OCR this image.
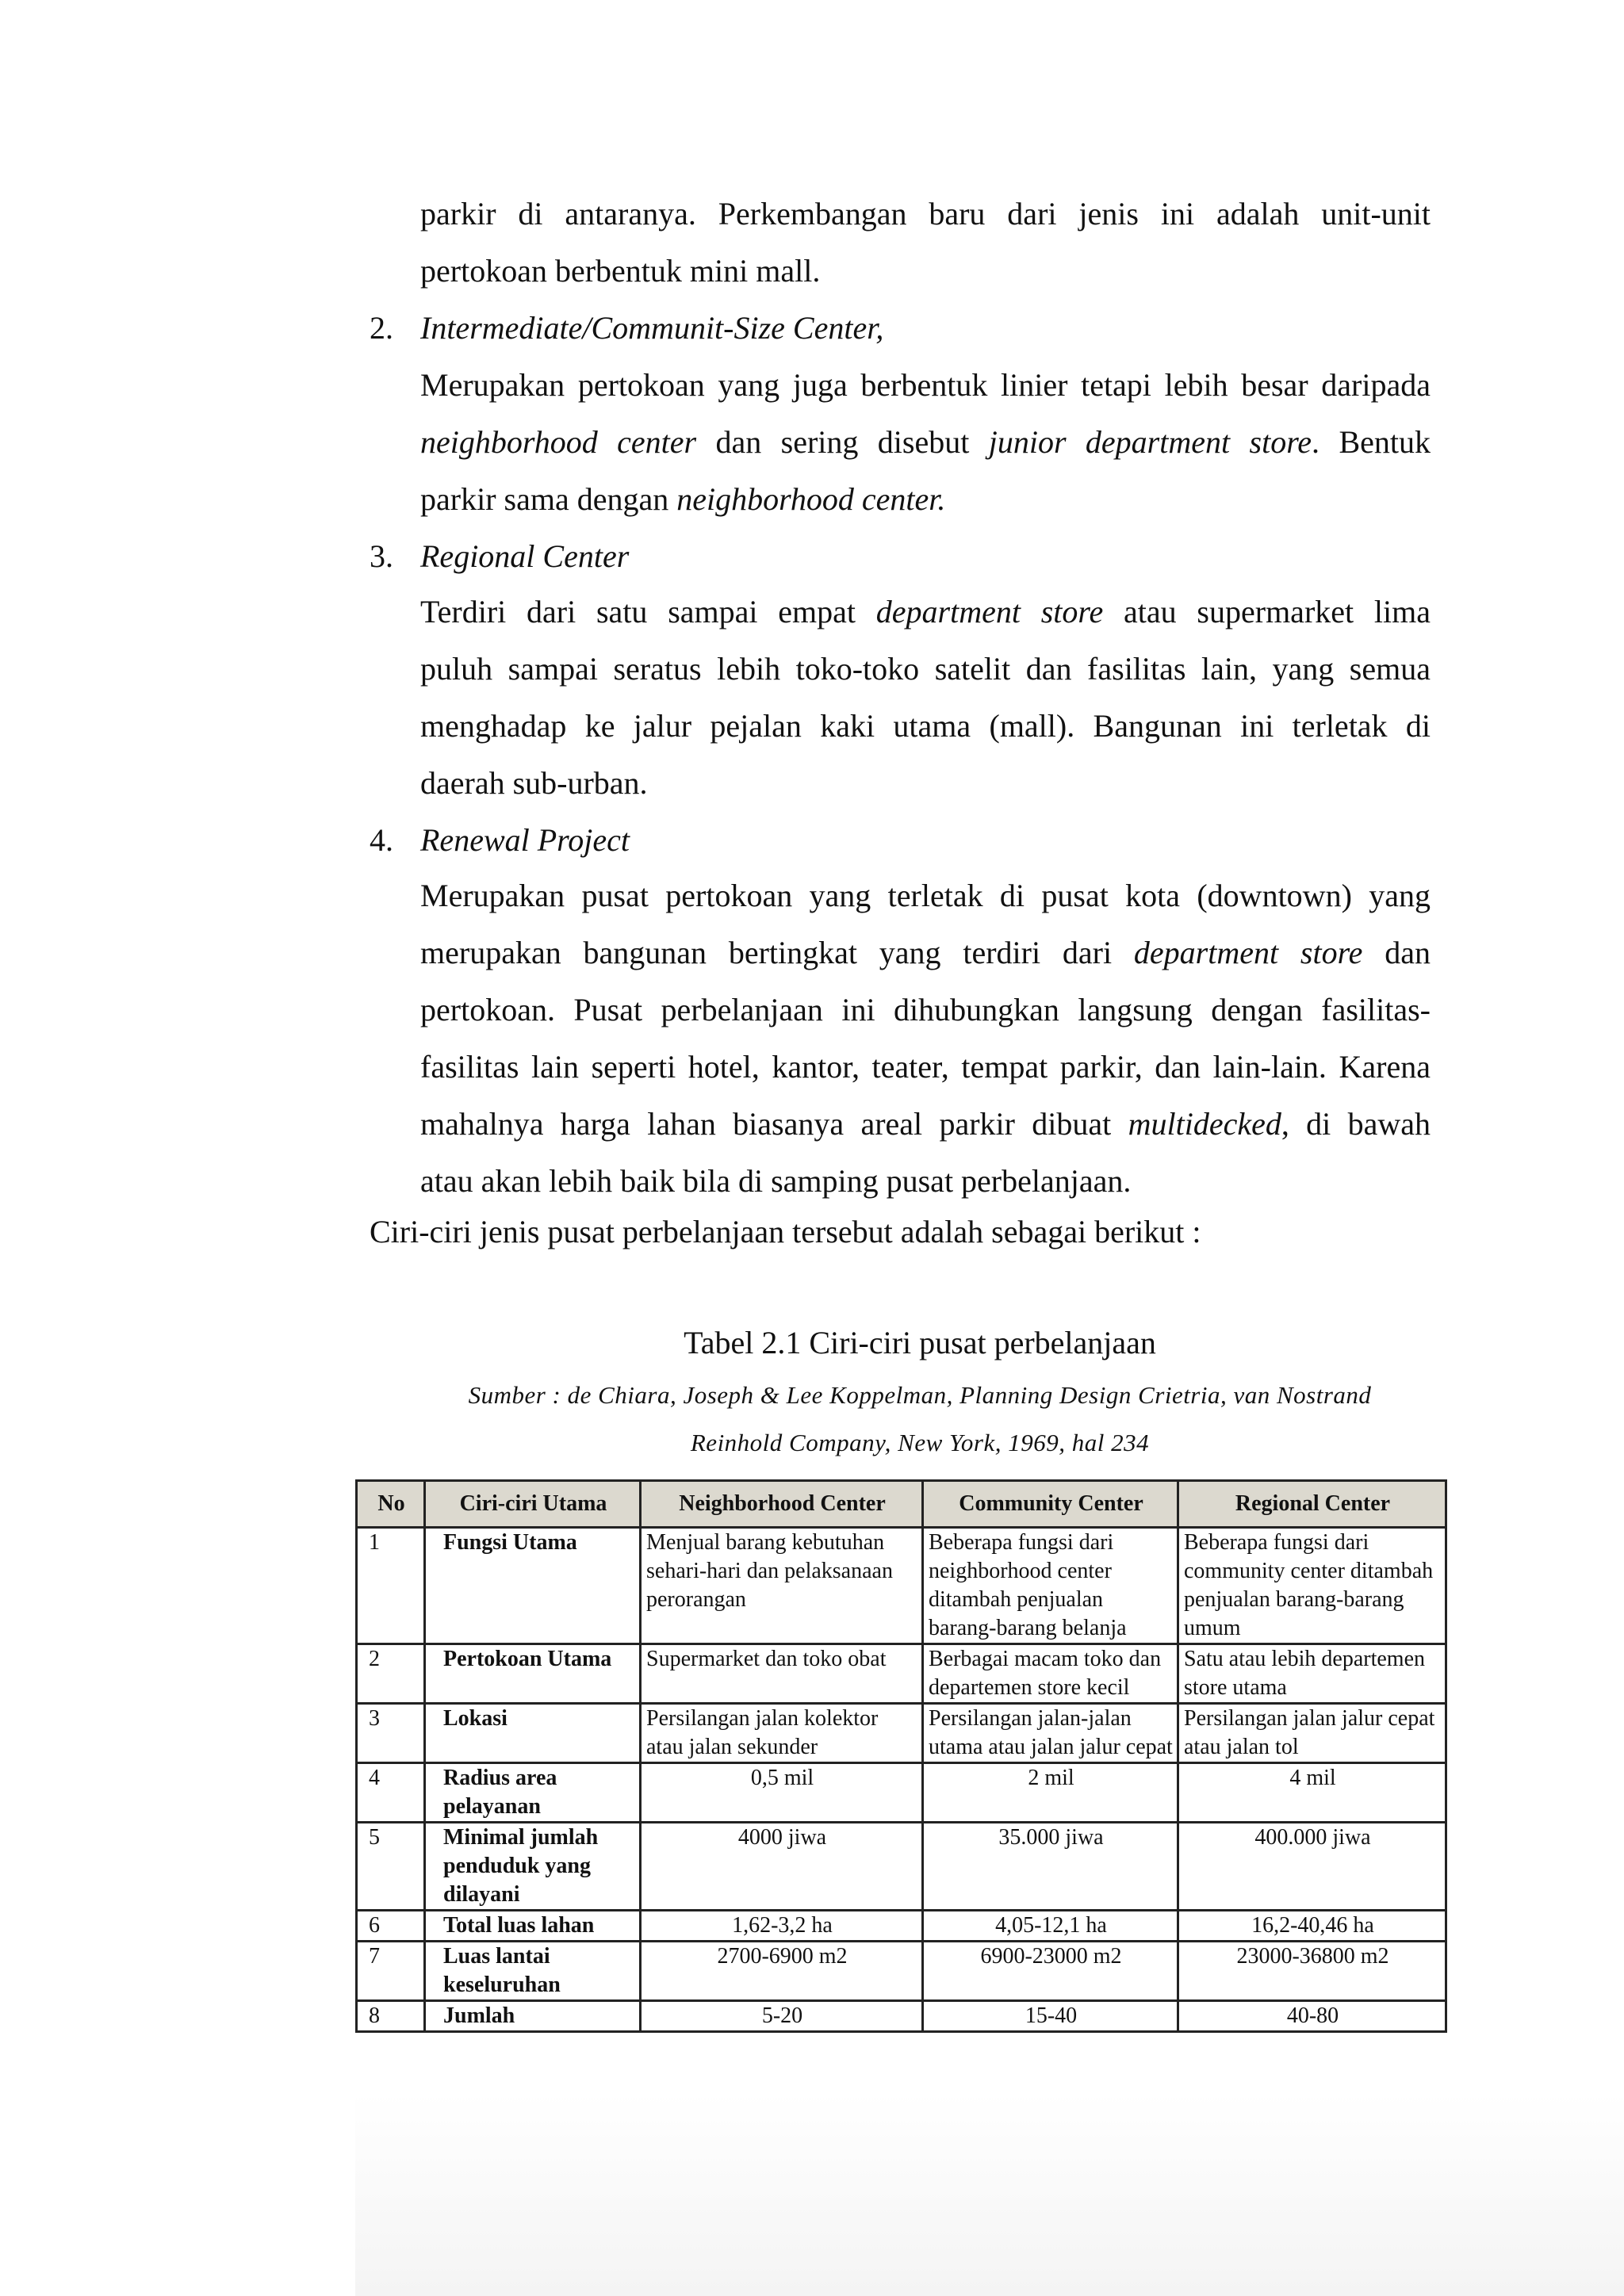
parkir di antaranya. Perkembangan baru dari jenis ini adalah unit-unit
pertokoan berbentuk mini mall.
2. Intermediate/Communit-Size Center,
Merupakan pertokoan yang juga berbentuk linier tetapi lebih besar daripada
neighborhood center dan sering disebut junior department store. Bentuk
parkir sama dengan neighborhood center.
3. Regional Center
Terdiri dari satu sampai empat department store atau supermarket lima
puluh sampai seratus lebih toko-toko satelit dan fasilitas lain, yang semua
menghadap ke jalur pejalan kaki utama (mall). Bangunan ini terletak di
daerah sub-urban.
4. Renewal Project
Merupakan pusat pertokoan yang terletak di pusat kota (downtown) yang
merupakan bangunan bertingkat yang terdiri dari department store dan
pertokoan. Pusat perbelanjaan ini dihubungkan langsung dengan fasilitas-
fasilitas lain seperti hotel, kantor, teater, tempat parkir, dan lain-lain. Karena
mahalnya harga lahan biasanya areal parkir dibuat multidecked, di bawah
atau akan lebih baik bila di samping pusat perbelanjaan.
Ciri-ciri jenis pusat perbelanjaan tersebut adalah sebagai berikut :
Tabel 2.1 Ciri-ciri pusat perbelanjaan
Sumber : de Chiara, Joseph & Lee Koppelman, Planning Design Crietria, van Nostrand
Reinhold Company, New York, 1969, hal 234
No	Ciri-ciri Utama	Neighborhood Center	Community Center	Regional Center
1	Fungsi Utama	Menjual barang kebutuhan sehari-hari dan pelaksanaan perorangan	Beberapa fungsi dari neighborhood center ditambah penjualan barang-barang belanja	Beberapa fungsi dari community center ditambah penjualan barang-barang umum
2	Pertokoan Utama	Supermarket dan toko obat	Berbagai macam toko dan departemen store kecil	Satu atau lebih departemen store utama
3	Lokasi	Persilangan jalan kolektor atau jalan sekunder	Persilangan jalan-jalan utama atau jalan jalur cepat	Persilangan jalan jalur cepat atau jalan tol
4	Radius area pelayanan	0,5 mil	2 mil	4 mil
5	Minimal jumlah penduduk yang dilayani	4000 jiwa	35.000 jiwa	400.000 jiwa
6	Total luas lahan	1,62-3,2 ha	4,05-12,1 ha	16,2-40,46 ha
7	Luas lantai keseluruhan	2700-6900 m2	6900-23000 m2	23000-36800 m2
8	Jumlah	5-20	15-40	40-80
